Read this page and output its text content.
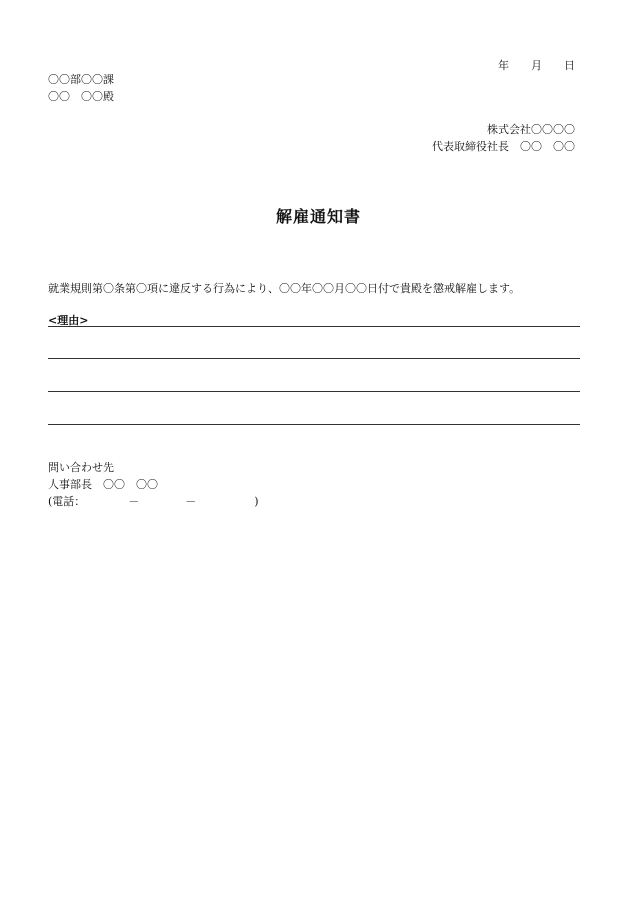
年 月 日
〇〇部〇〇課
〇〇　〇〇殿
株式会社〇〇〇〇
代表取締役社長　〇〇　〇〇
解雇通知書
就業規則第〇条第〇項に違反する行為により、〇〇年〇〇月〇〇日付で貴殿を懲戒解雇します。
<理由>
問い合わせ先
人事部長　〇〇　〇〇
(電話：	－	－	)
